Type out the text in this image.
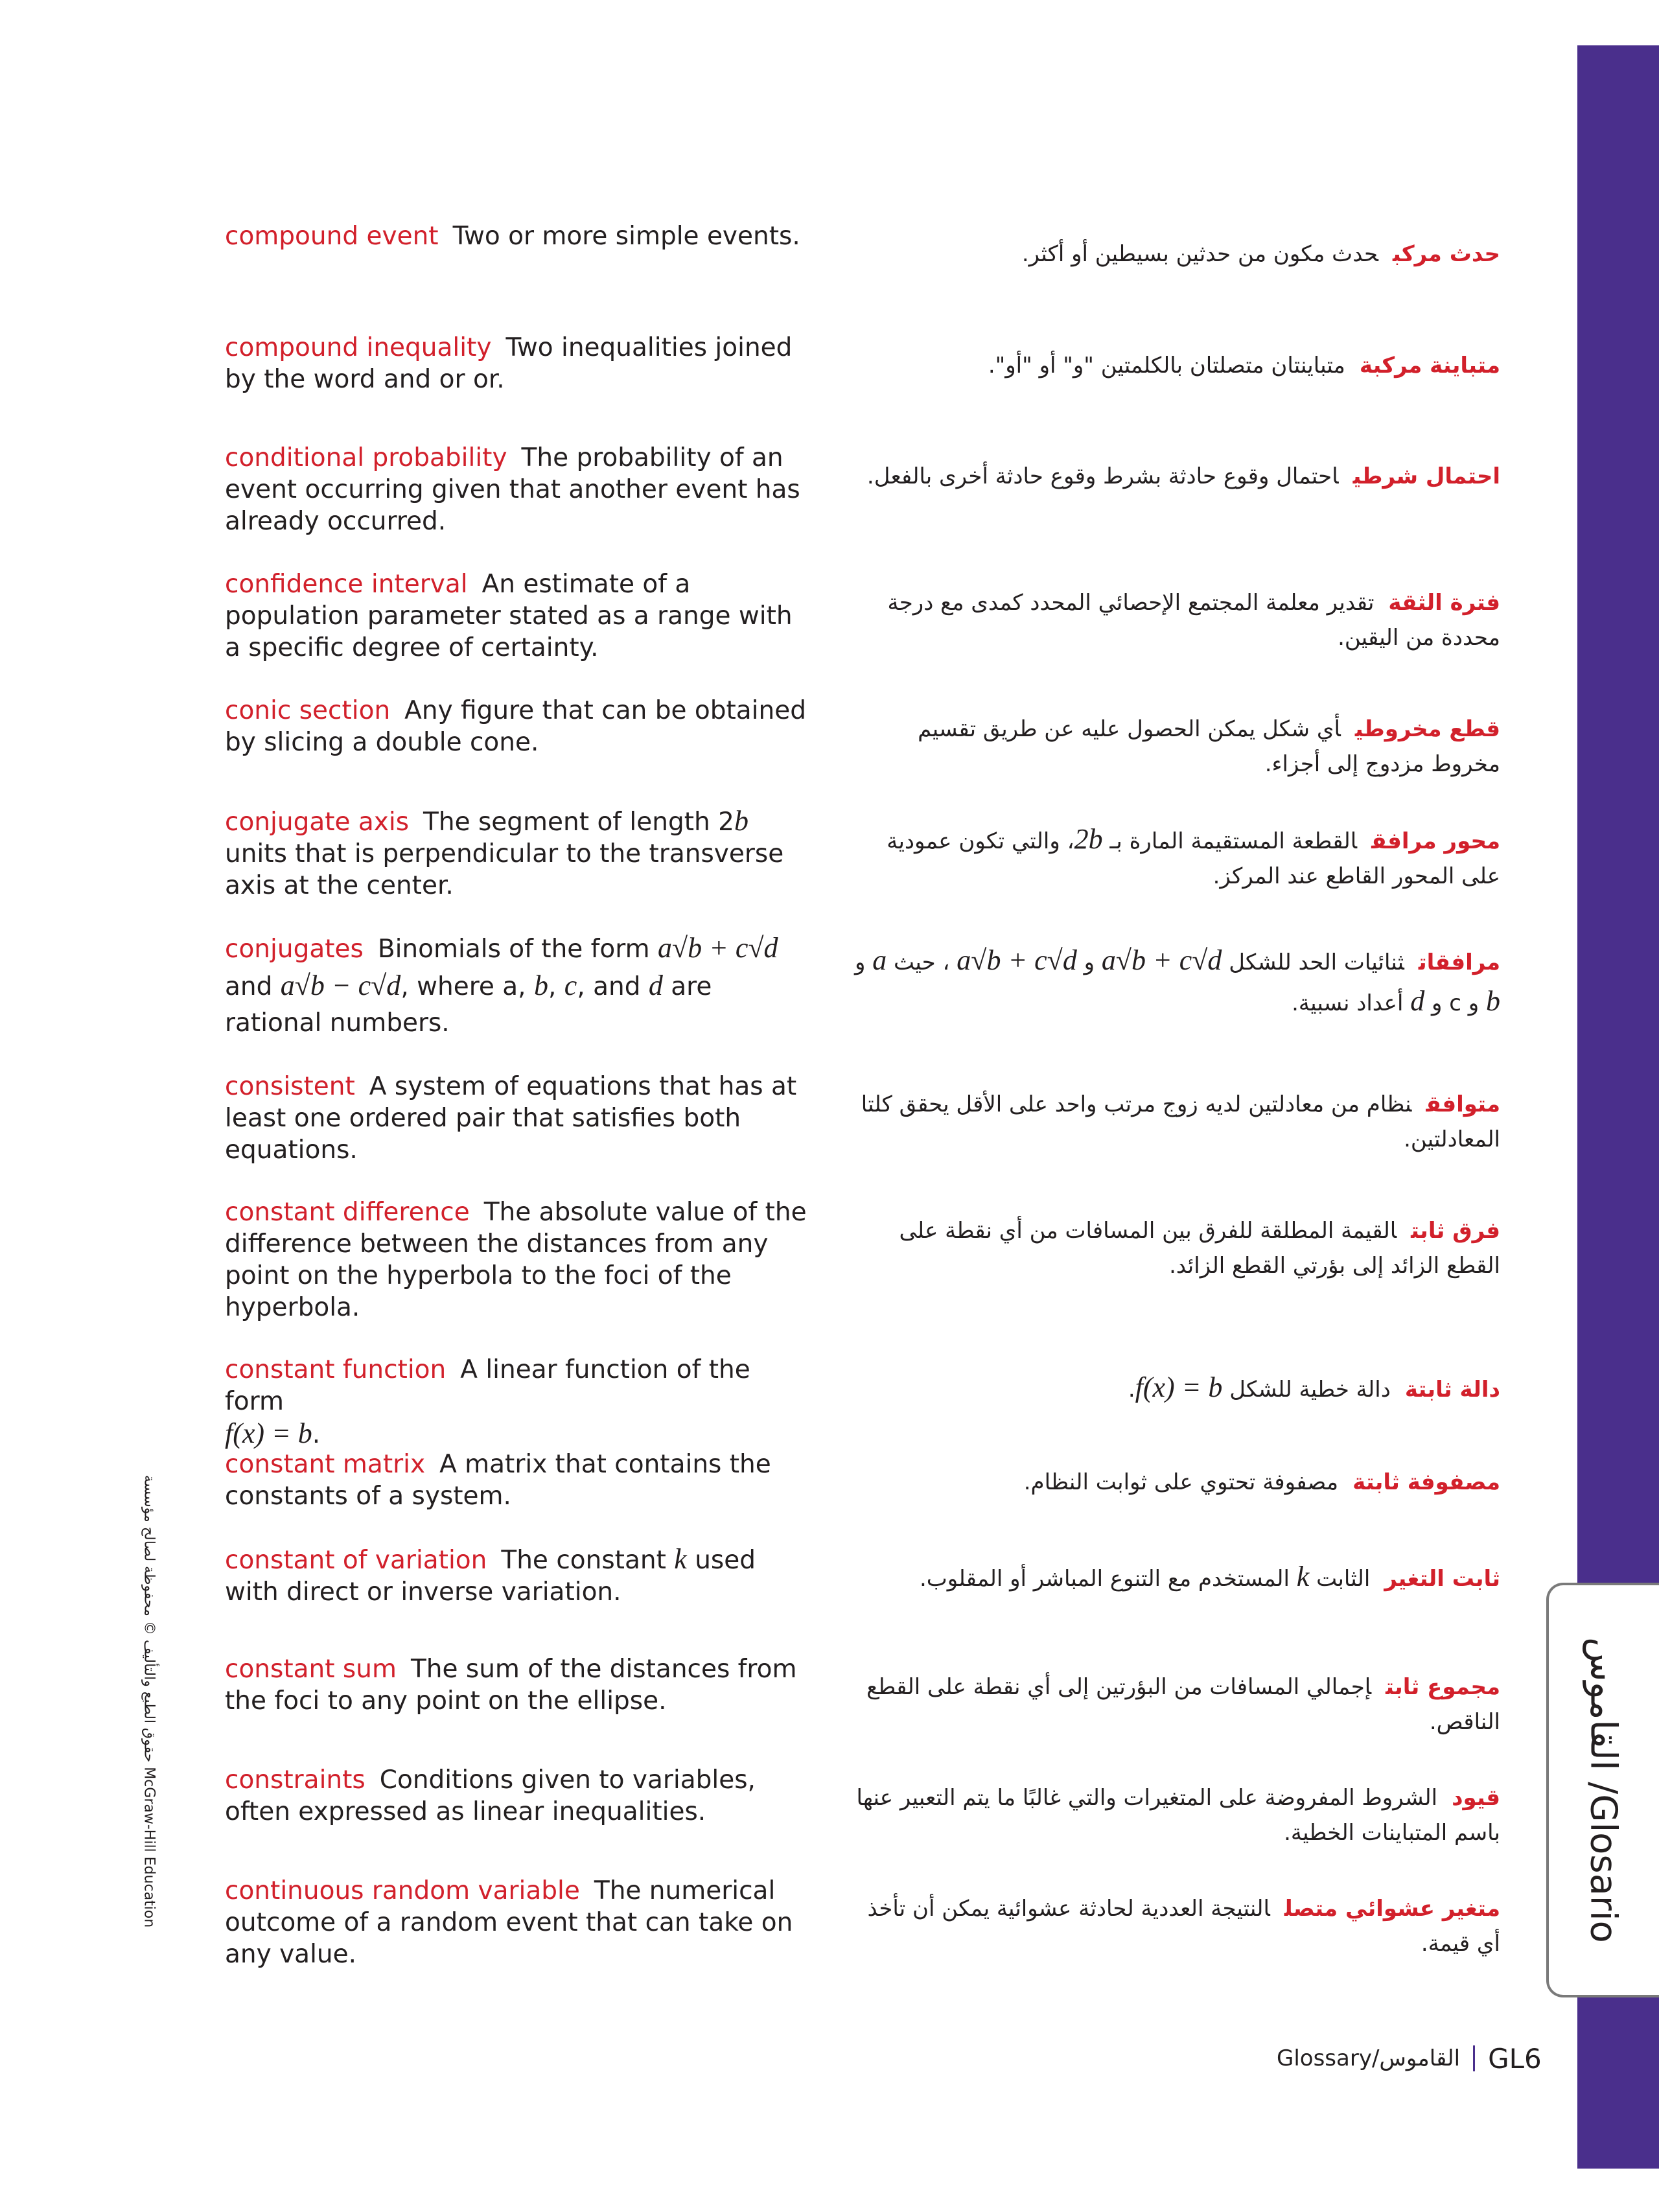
القاموس /Glosario
حقوق الطبع والتأليف © محفوظة لصالح مؤسسة McGraw-Hill Education
compound event Two or more simple events.
compound inequality Two inequalities joined by the word and or or.
conditional probability The probability of an event occurring given that another event has already occurred.
confidence interval An estimate of a population parameter stated as a range with a specific degree of certainty.
conic section Any figure that can be obtained by slicing a double cone.
conjugate axis The segment of length 2b units that is perpendicular to the transverse axis at the center.
conjugates Binomials of the form a√b + c√d and a√b − c√d, where a, b, c, and d are rational numbers.
consistent A system of equations that has at least one ordered pair that satisfies both equations.
constant difference The absolute value of the difference between the distances from any point on the hyperbola to the foci of the hyperbola.
constant function A linear function of the form
f(x) = b.
constant matrix A matrix that contains the constants of a system.
constant of variation The constant k used with direct or inverse variation.
constant sum The sum of the distances from the foci to any point on the ellipse.
constraints Conditions given to variables, often expressed as linear inequalities.
continuous random variable The numerical outcome of a random event that can take on any value.
حدث مركبحدث مكون من حدثين بسيطين أو أكثر.
متباينة مركبةمتباينتان متصلتان بالكلمتين "و" أو "أو".
احتمال شرطياحتمال وقوع حادثة بشرط وقوع حادثة أخرى بالفعل.
فترة الثقةتقدير معلمة المجتمع الإحصائي المحدد كمدى مع درجة محددة من اليقين.
قطع مخروطيأي شكل يمكن الحصول عليه عن طريق تقسيم مخروط مزدوج إلى أجزاء.
محور مرافقالقطعة المستقيمة المارة بـ 2b، والتي تكون عمودية على المحور القاطع عند المركز.
مرافقاتثنائيات الحد للشكل a√b + c√d و a√b + c√d ، حيث a و b و c و d أعداد نسبية.
متوافقنظام من معادلتين لديه زوج مرتب واحد على الأقل يحقق كلتا المعادلتين.
فرق ثابتالقيمة المطلقة للفرق بين المسافات من أي نقطة على القطع الزائد إلى بؤرتي القطع الزائد.
دالة ثابتةدالة خطية للشكل f(x) = b.
مصفوفة ثابتةمصفوفة تحتوي على ثوابت النظام.
ثابت التغيرالثابت k المستخدم مع التنوع المباشر أو المقلوب.
مجموع ثابتإجمالي المسافات من البؤرتين إلى أي نقطة على القطع الناقص.
قيودالشروط المفروضة على المتغيرات والتي غالبًا ما يتم التعبير عنها باسم المتباينات الخطية.
متغير عشوائي متصلالنتيجة العددية لحادثة عشوائية يمكن أن تأخذ أي قيمة.
Glossary/القاموس GL6
